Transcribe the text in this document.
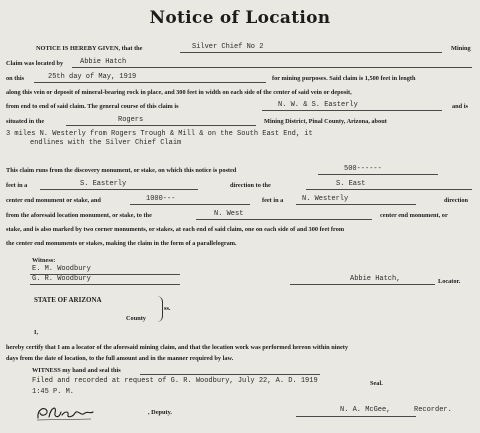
Notice of Location
NOTICE IS HEREBY GIVEN, that the	Silver Chief No 2	Mining
Claim was located by Abbie Hatch
on this	25th day of May, 1919	for mining purposes. Said claim is 1,500 feet in length
along this vein or deposit of mineral-bearing rock in place, and 300 feet in width on each side of the center of said vein or deposit,
from end to end of said claim. The general course of this claim is	N. W. & S. Easterly	and is
situated in the	Rogers	Mining District, Pinal County, Arizona, about
3 miles N. Westerly from Rogers Trough & Mill & on the South East End, it
endlines with the Silver Chief Claim
This claim runs from the discovery monument, or stake, on which this notice is posted	500------
feet in a	S. Easterly	direction to the	S. East
center end monument or stake, and	1000---	feet in a	N. Westerly	direction
from the aforesaid location monument, or stake, to the	N. West	center end monument, or
stake, and is also marked by two corner monuments, or stakes, at each end of said claim, one on each side of and 300 feet from
the center end monuments or stakes, making the claim in the form of a parallelogram.
Witness:
E. M. Woodbury
G. R. Woodbury	Abbie Hatch,	Locator.
STATE OF ARIZONA
County
ss.
I,
hereby certify that I am a locator of the aforesaid mining claim, and that the location work was performed hereon within ninety
days from the date of location, to the full amount and in the manner required by law.
WITNESS my hand and seal this
Filed and recorded at request of G. R. Woodbury, July 22, A. D. 1919	Seal.
1:45 P. M.
, Deputy.	N. A. McGee,	Recorder.
